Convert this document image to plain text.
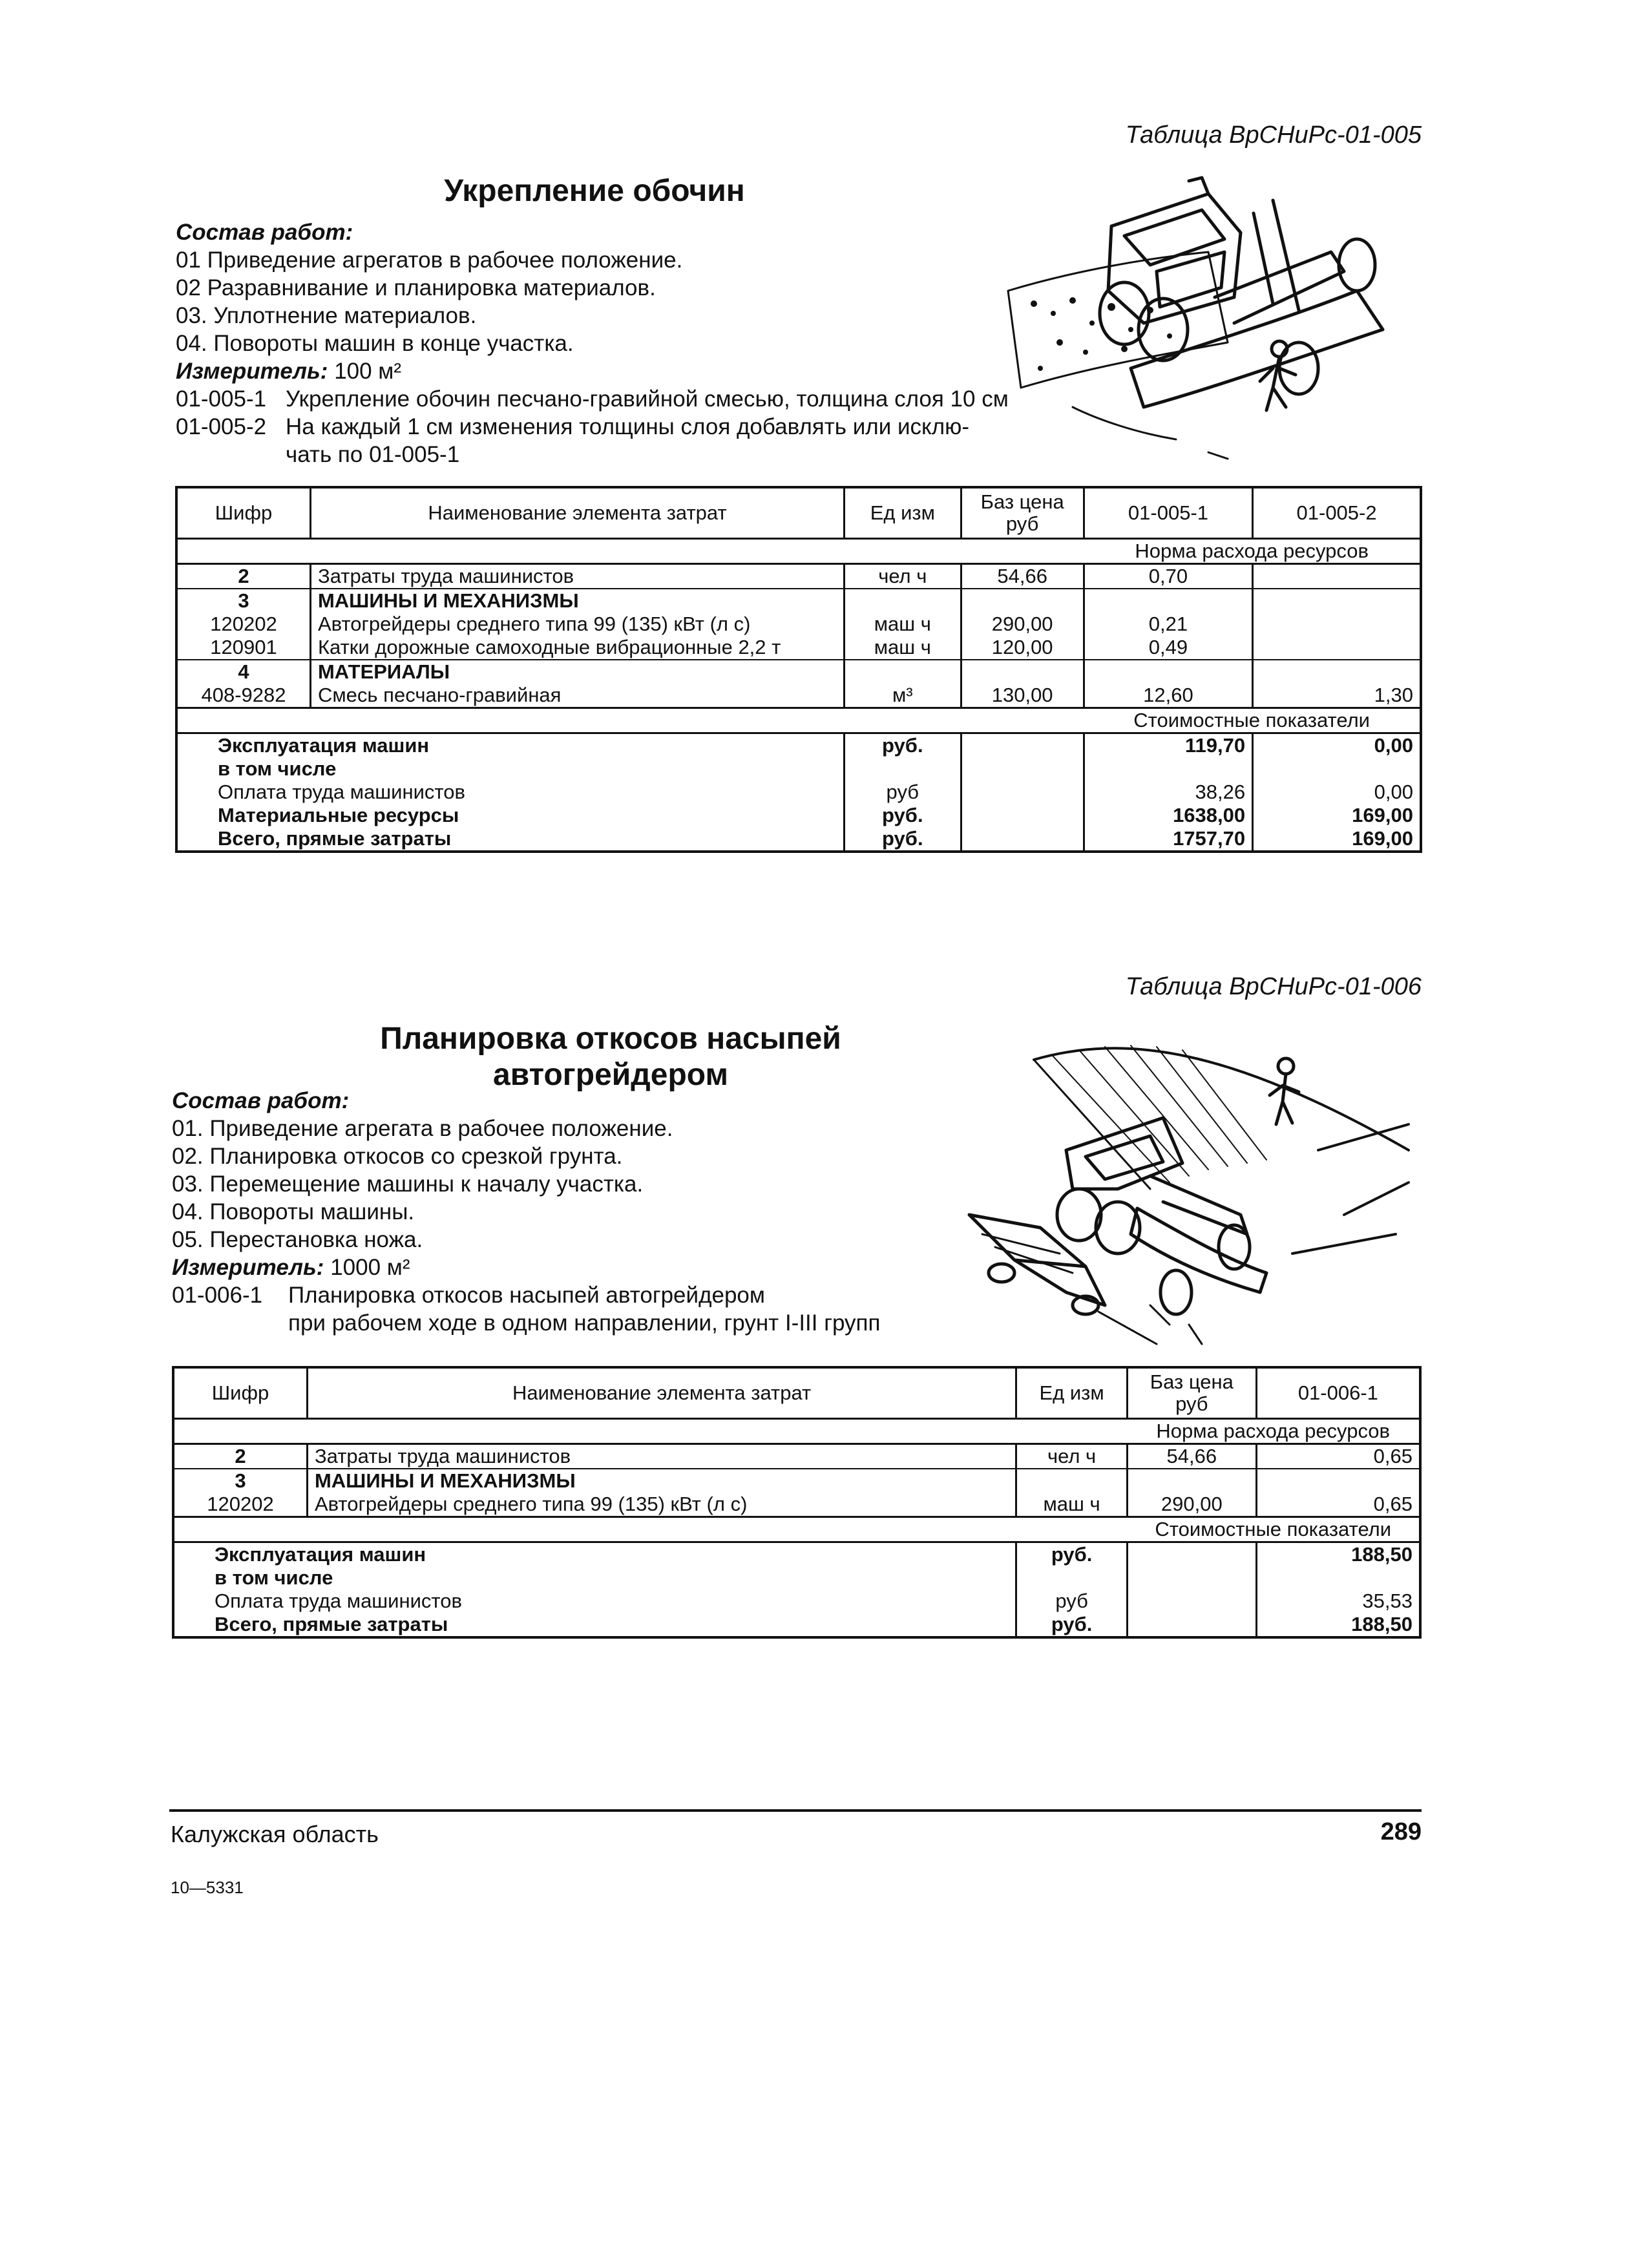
Таблица ВрСНиРс-01-005
Укрепление обочин
Состав работ:
01 Приведение агрегатов в рабочее положение.
02 Разравнивание и планировка материалов.
03. Уплотнение материалов.
04. Повороты машин в конце участка.
Измеритель: 100 м²
01-005-1 Укрепление обочин песчано-гравийной смесью, толщина слоя 10 см
01-005-2 На каждый 1 см изменения толщины слоя добавлять или исклю-
чать по 01-005-1
Шифр	Наименование элемента затрат	Ед изм	Баз цена руб	01-005-1	01-005-2
				Норма расхода ресурсов	
2	Затраты труда машинистов	чел ч	54,66	0,70	
3	МАШИНЫ И МЕХАНИЗМЫ				
120202	Автогрейдеры среднего типа 99 (135) кВт (л с)	маш ч	290,00	0,21	
120901	Катки дорожные самоходные вибрационные 2,2 т	маш ч	120,00	0,49	
4	МАТЕРИАЛЫ				
408-9282	Смесь песчано-гравийная	м³	130,00	12,60	1,30
				Стоимостные показатели	
Эксплуатация машин		руб.		119,70	0,00
в том числе					
Оплата труда машинистов		руб		38,26	0,00
Материальные ресурсы		руб.		1638,00	169,00
Всего, прямые затраты		руб.		1757,70	169,00
Таблица ВрСНиРс-01-006
Планировка откосов насыпей
автогрейдером
Состав работ:
01. Приведение агрегата в рабочее положение.
02. Планировка откосов со срезкой грунта.
03. Перемещение машины к началу участка.
04. Повороты машины.
05. Перестановка ножа.
Измеритель: 1000 м²
01-006-1 Планировка откосов насыпей автогрейдером
при рабочем ходе в одном направлении, грунт I-III групп
Шифр	Наименование элемента затрат	Ед изм	Баз цена руб	01-006-1
			Норма расхода ресурсов	
2	Затраты труда машинистов	чел ч	54,66	0,65
3	МАШИНЫ И МЕХАНИЗМЫ			
120202	Автогрейдеры среднего типа 99 (135) кВт (л с)	маш ч	290,00	0,65
			Стоимостные показатели	
Эксплуатация машин		руб.		188,50
в том числе				
Оплата труда машинистов		руб		35,53
Всего, прямые затраты		руб.		188,50
Калужская область	289
10—5331
